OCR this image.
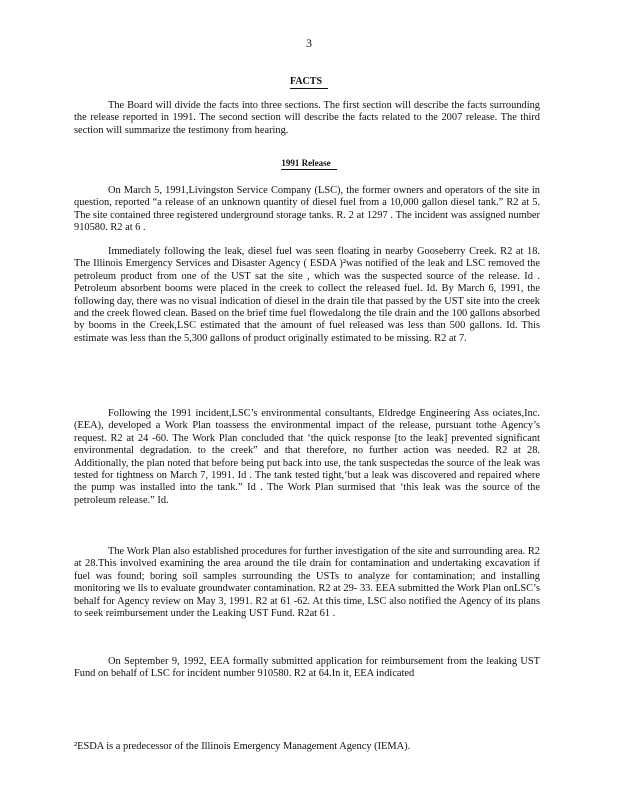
3
FACTS

The Board will divide the facts into three sections. The first section will describe the facts surrounding the release reported in 1991. The second section will describe the facts related to the 2007 release. The third section will summarize the testimony from hearing.

1991 Release

On March 5, 1991,Livingston Service Company (LSC), the former owners and operators of the site in question, reported “a release of an unknown quantity of diesel fuel from a 10,000 gallon diesel tank.” R2 at 5. The site contained three registered underground storage tanks. R. 2 at 1297 . The incident was assigned number 910580. R2 at 6 .

Immediately following the leak, diesel fuel was seen floating in nearby Gooseberry Creek. R2 at 18. The Illinois Emergency Services and Disaster Agency ( ESDA )²was notified of the leak and LSC removed the petroleum product from one of the UST sat the site , which was the suspected source of the release. Id . Petroleum absorbent booms were placed in the creek to collect the released fuel. Id. By March 6, 1991, the following day, there was no visual indication of diesel in the drain tile that passed by the UST site into the creek and the creek flowed clean. Based on the brief time fuel flowedalong the tile drain and the 100 gallons absorbed by booms in the Creek,LSC estimated that the amount of fuel released was less than 500 gallons. Id. This estimate was less than the 5,300 gallons of product originally estimated to be missing. R2 at 7.

Following the 1991 incident,LSC’s environmental consultants, Eldredge Engineering Ass ociates,Inc.(EEA), developed a Work Plan toassess the environmental impact of the release, pursuant tothe Agency’s request. R2 at 24 -60. The Work Plan concluded that ‘the quick response [to the leak] prevented significant environmental degradation. to the creek” and that therefore, no further action was needed. R2 at 28. Additionally, the plan noted that before being put back into use, the tank suspectedas the source of the leak was tested for tightness on March 7, 1991. Id . The tank tested tight,‘but a leak was discovered and repaired where the pump was installed into the tank.” Id . The Work Plan surmised that ‘this leak was the source of the petroleum release.” Id.

The Work Plan also established procedures for further investigation of the site and surrounding area. R2 at 28.This involved examining the area around the tile drain for contamination and undertaking excavation if fuel was found; boring soil samples surrounding the USTs to analyze for contamination; and installing monitoring we lls to evaluate groundwater contamination. R2 at 29- 33. EEA submitted the Work Plan onLSC’s behalf for Agency review on May 3, 1991. R2 at 61 -62. At this time, LSC also notified the Agency of its plans to seek reimbursement under the Leaking UST Fund. R2at 61 .

On September 9, 1992, EEA formally submitted application for reimbursement from the leaking UST Fund on behalf of LSC for incident number 910580. R2 at 64.In it, EEA indicated

²ESDA is a predecessor of the Illinois Emergency Management Agency (IEMA).
